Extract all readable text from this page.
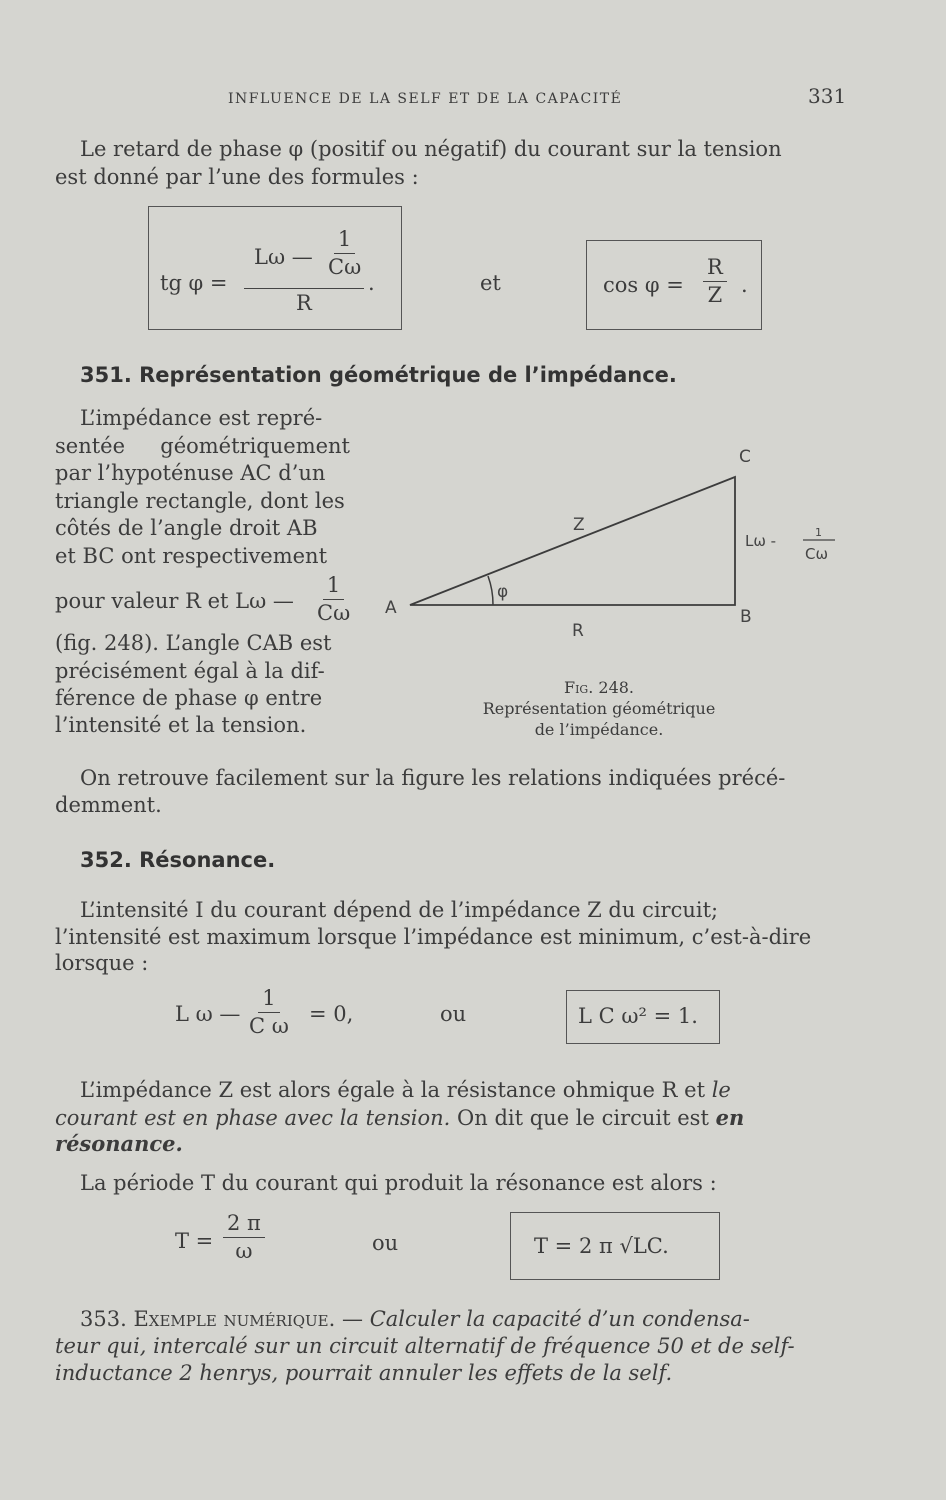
INFLUENCE DE LA SELF ET DE LA CAPACITÉ	331
Le retard de phase φ (positif ou négatif) du courant sur la tension
est donné par l’une des formules :
tg φ =
Lω — $\frac{1}{C\omega}$
R
.	et	$\cos \varphi = \frac{R}{Z}$ .
351. Représentation géométrique de l’impédance.
L’impédance est repré-
sentée géométriquement
par l’hypoténuse AC d’un
triangle rectangle, dont les
côtés de l’angle droit AB
et BC ont respectivement
pour valeur R et Lω — $\frac{1}{C\omega}$
(fig. 248). L’angle CAB est
précisément égal à la dif-
férence de phase φ entre
l’intensité et la tension.
A	B
C
Z
R
φ
Lω -	1
Cω
Fig. 248.
Représentation géométrique
de l’impédance.
On retrouve facilement sur la figure les relations indiquées précé-
demment.
352. Résonance.
L’intensité I du courant dépend de l’impédance Z du circuit;
l’intensité est maximum lorsque l’impédance est minimum, c’est-à-dire
lorsque :
L ω — $\frac{1}{\text{C ω}} = 0$,	ou	L C ω² = 1.
L’impédance Z est alors égale à la résistance ohmique R et le
courant est en phase avec la tension. On dit que le circuit est en
résonance.
La période T du courant qui produit la résonance est alors :
$T = \frac{2 \pi}{\omega}$	ou	T = 2 π √LC.
353. Exemple numérique. — Calculer la capacité d’un condensa-
teur qui, intercalé sur un circuit alternatif de fréquence 50 et de self-
inductance 2 henrys, pourrait annuler les effets de la self.
